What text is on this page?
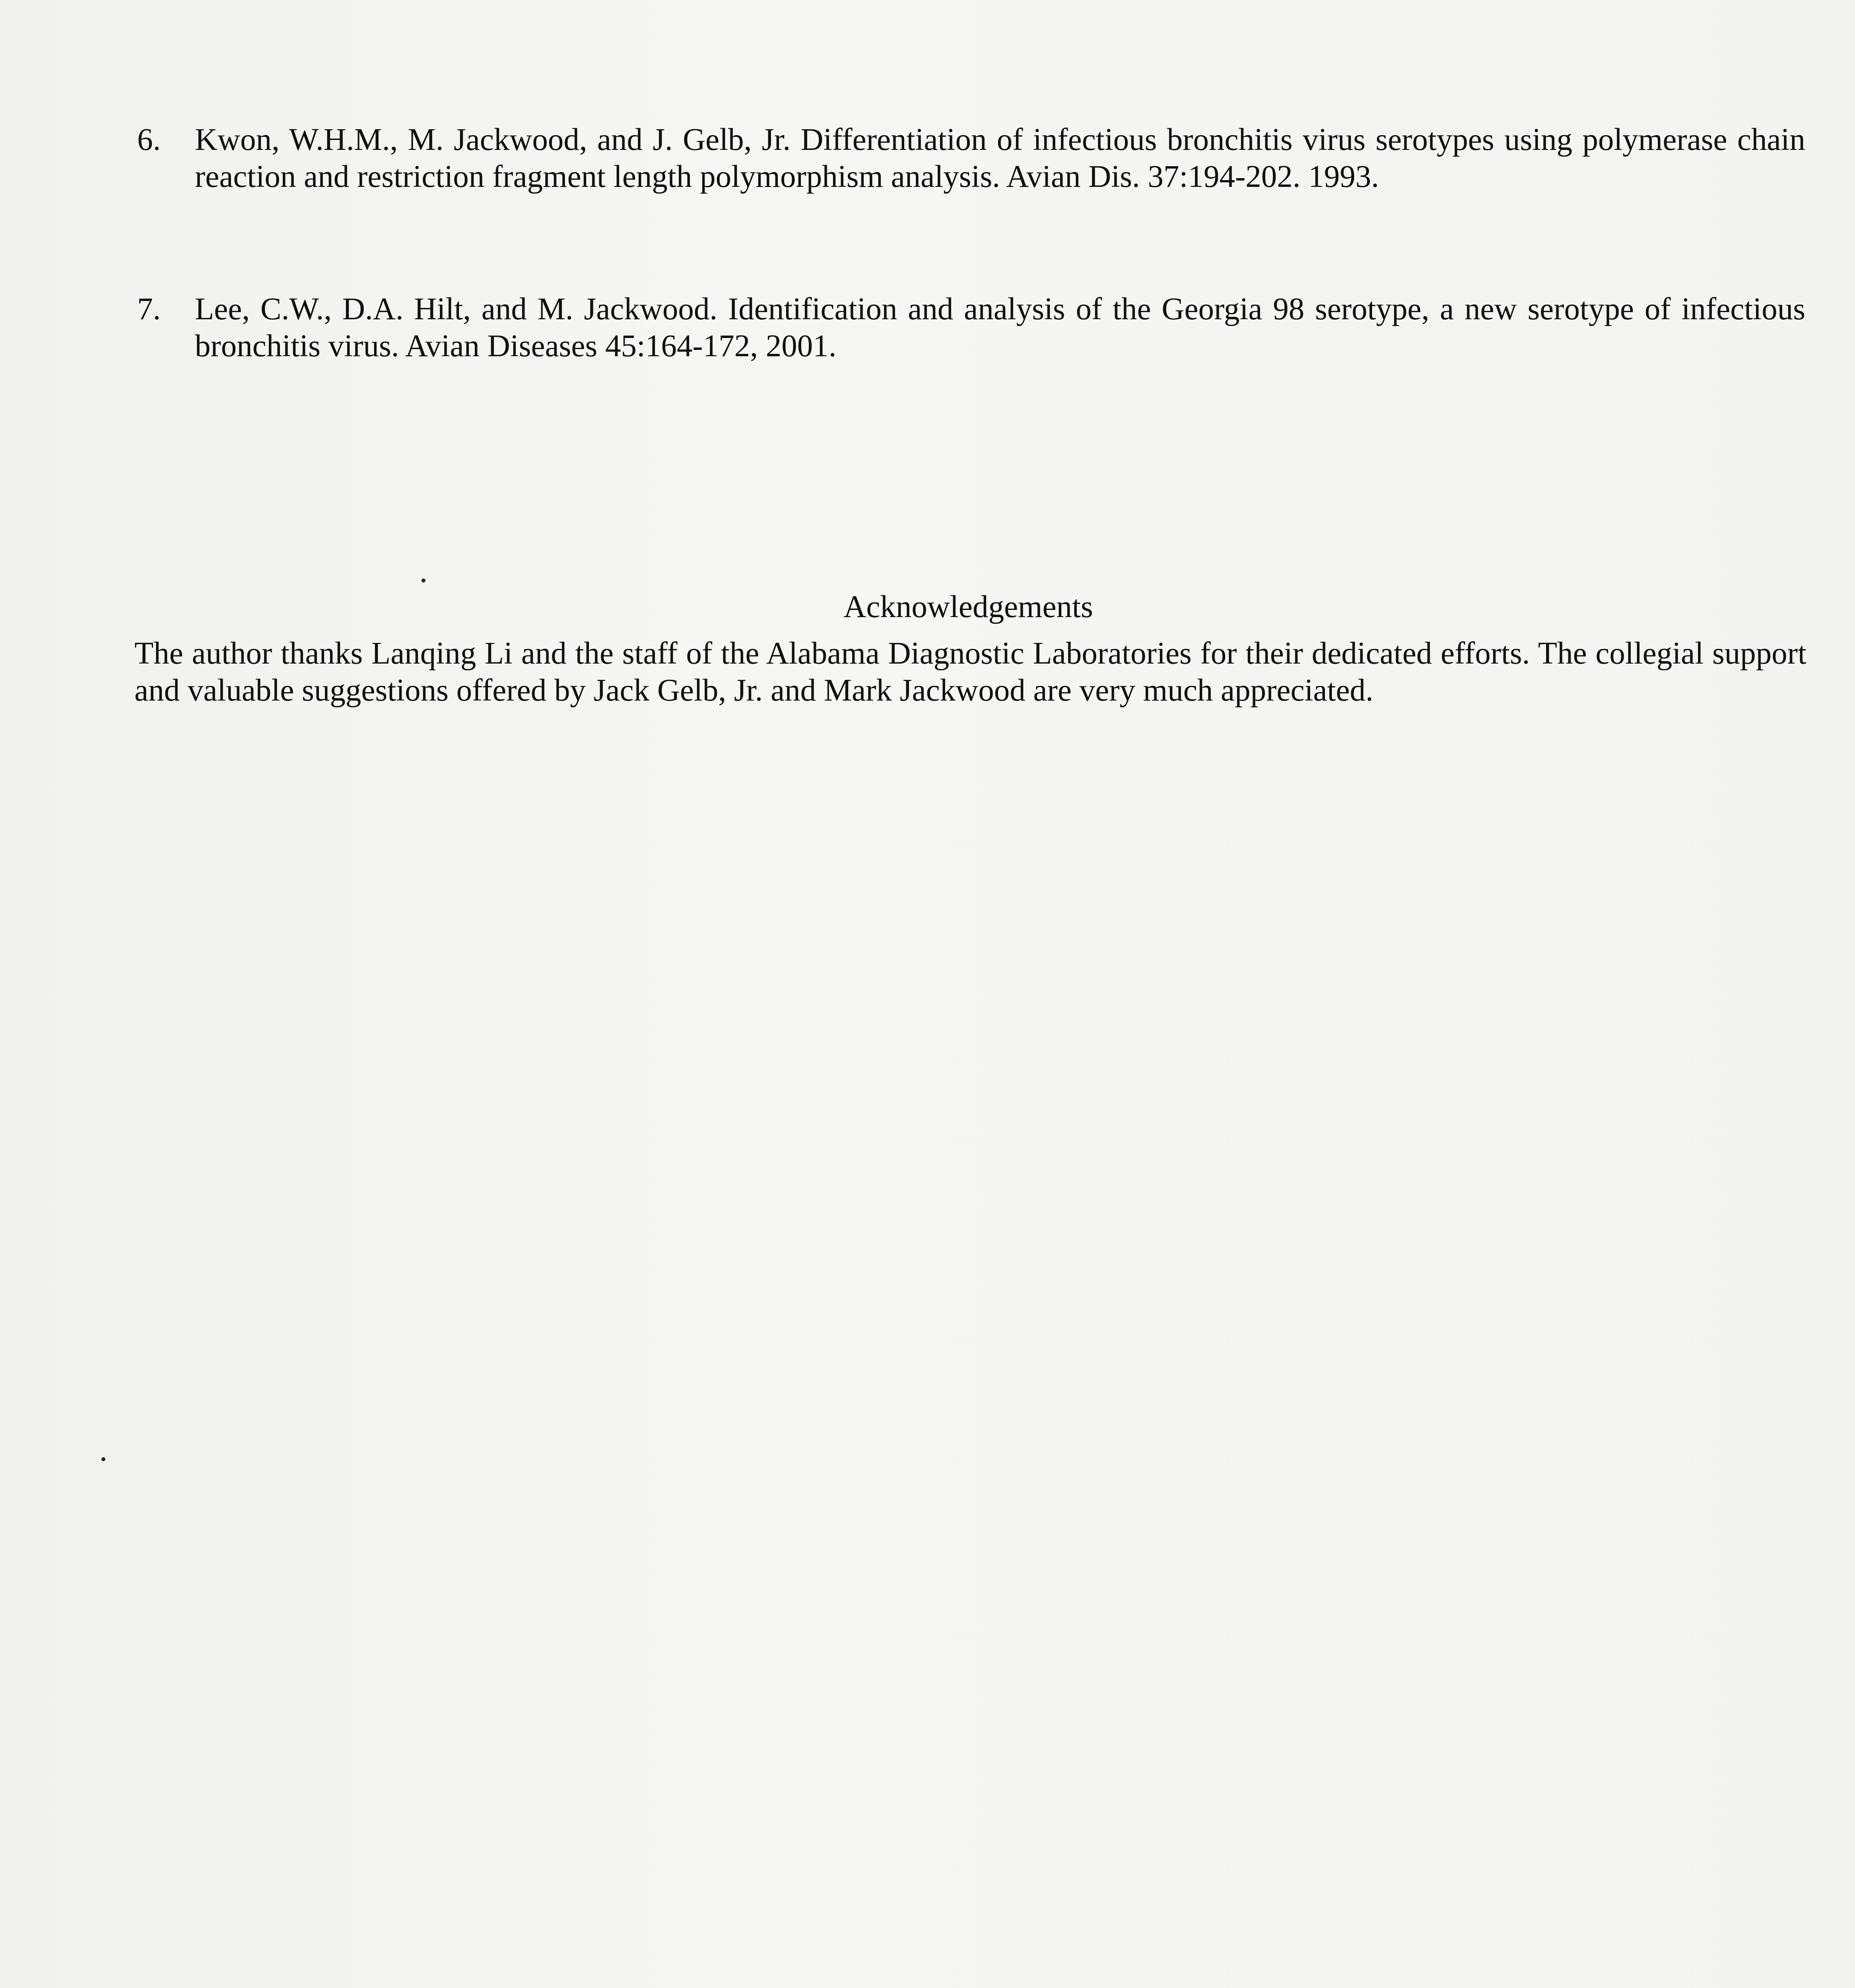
6. Kwon, W.H.M., M. Jackwood, and J. Gelb, Jr. Differentiation of infectious bronchitis virus serotypes using polymerase chain reaction and restriction fragment length polymorphism analysis. Avian Dis. 37:194-202. 1993.
7. Lee, C.W., D.A. Hilt, and M. Jackwood. Identification and analysis of the Georgia 98 serotype, a new serotype of infectious bronchitis virus. Avian Diseases 45:164-172, 2001.
Acknowledgements
The author thanks Lanqing Li and the staff of the Alabama Diagnostic Laboratories for their dedicated efforts. The collegial support and valuable suggestions offered by Jack Gelb, Jr. and Mark Jackwood are very much appreciated.
